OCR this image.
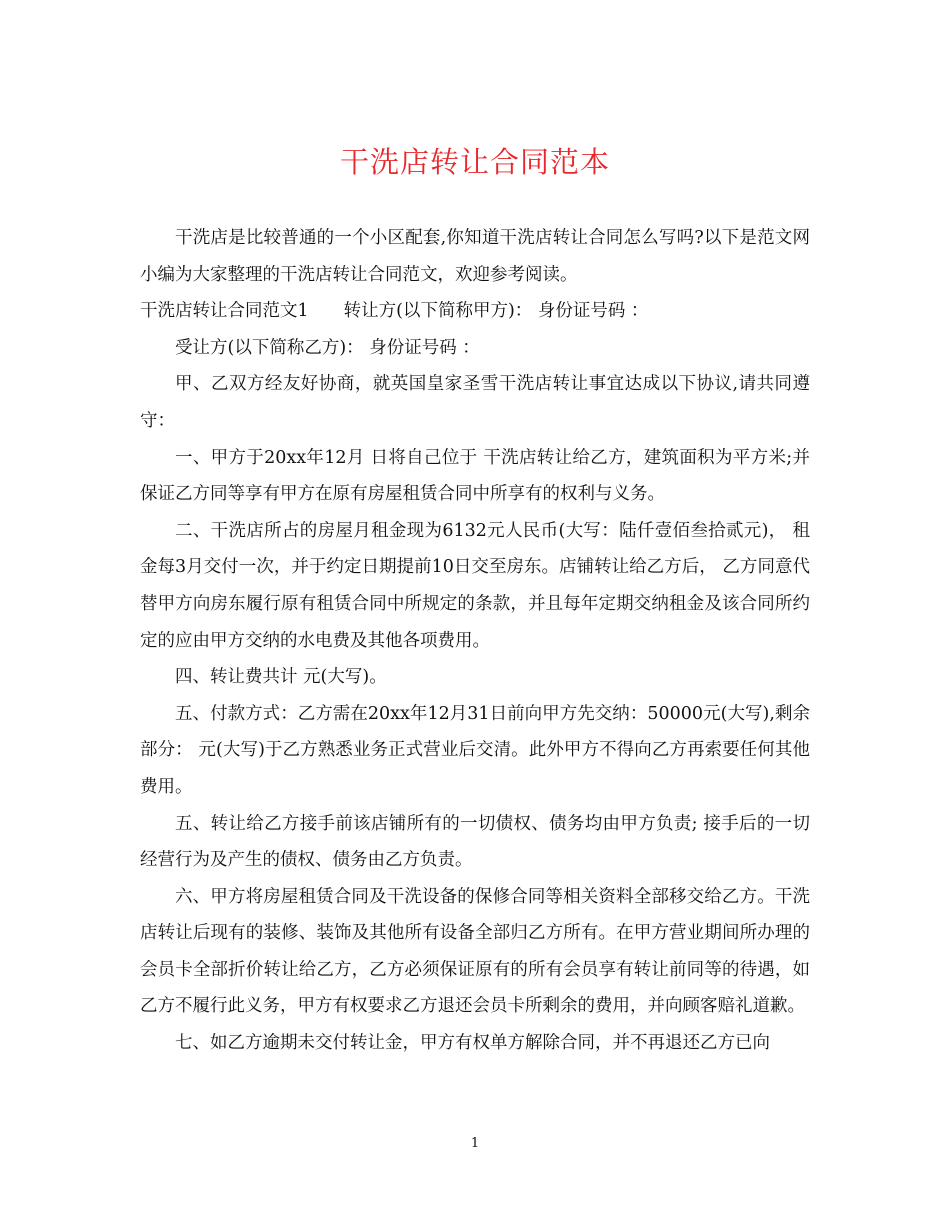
干洗店转让合同范本

干洗店是比较普通的一个小区配套,你知道干洗店转让合同怎么写吗?以下是范文网小编为大家整理的干洗店转让合同范文，欢迎参考阅读。

干洗店转让合同范文1　　转让方(以下简称甲方)： 身份证号码 ：

受让方(以下简称乙方)： 身份证号码 ：

甲、乙双方经友好协商，就英国皇家圣雪干洗店转让事宜达成以下协议,请共同遵守：

一、甲方于20xx年12月 日将自己位于 干洗店转让给乙方，建筑面积为平方米;并保证乙方同等享有甲方在原有房屋租赁合同中所享有的权利与义务。

二、干洗店所占的房屋月租金现为6132元人民币(大写：陆仟壹佰叁拾贰元)， 租金每3月交付一次，并于约定日期提前10日交至房东。店铺转让给乙方后， 乙方同意代替甲方向房东履行原有租赁合同中所规定的条款，并且每年定期交纳租金及该合同所约定的应由甲方交纳的水电费及其他各项费用。

四、转让费共计 元(大写)。

五、付款方式：乙方需在20xx年12月31日前向甲方先交纳：50000元(大写),剩余部分： 元(大写)于乙方熟悉业务正式营业后交清。此外甲方不得向乙方再索要任何其他费用。

五、转让给乙方接手前该店铺所有的一切债权、债务均由甲方负责; 接手后的一切经营行为及产生的债权、债务由乙方负责。

六、甲方将房屋租赁合同及干洗设备的保修合同等相关资料全部移交给乙方。干洗店转让后现有的装修、装饰及其他所有设备全部归乙方所有。在甲方营业期间所办理的会员卡全部折价转让给乙方，乙方必须保证原有的所有会员享有转让前同等的待遇，如乙方不履行此义务，甲方有权要求乙方退还会员卡所剩余的费用，并向顾客赔礼道歉。

七、如乙方逾期未交付转让金，甲方有权单方解除合同，并不再退还乙方已向

1
